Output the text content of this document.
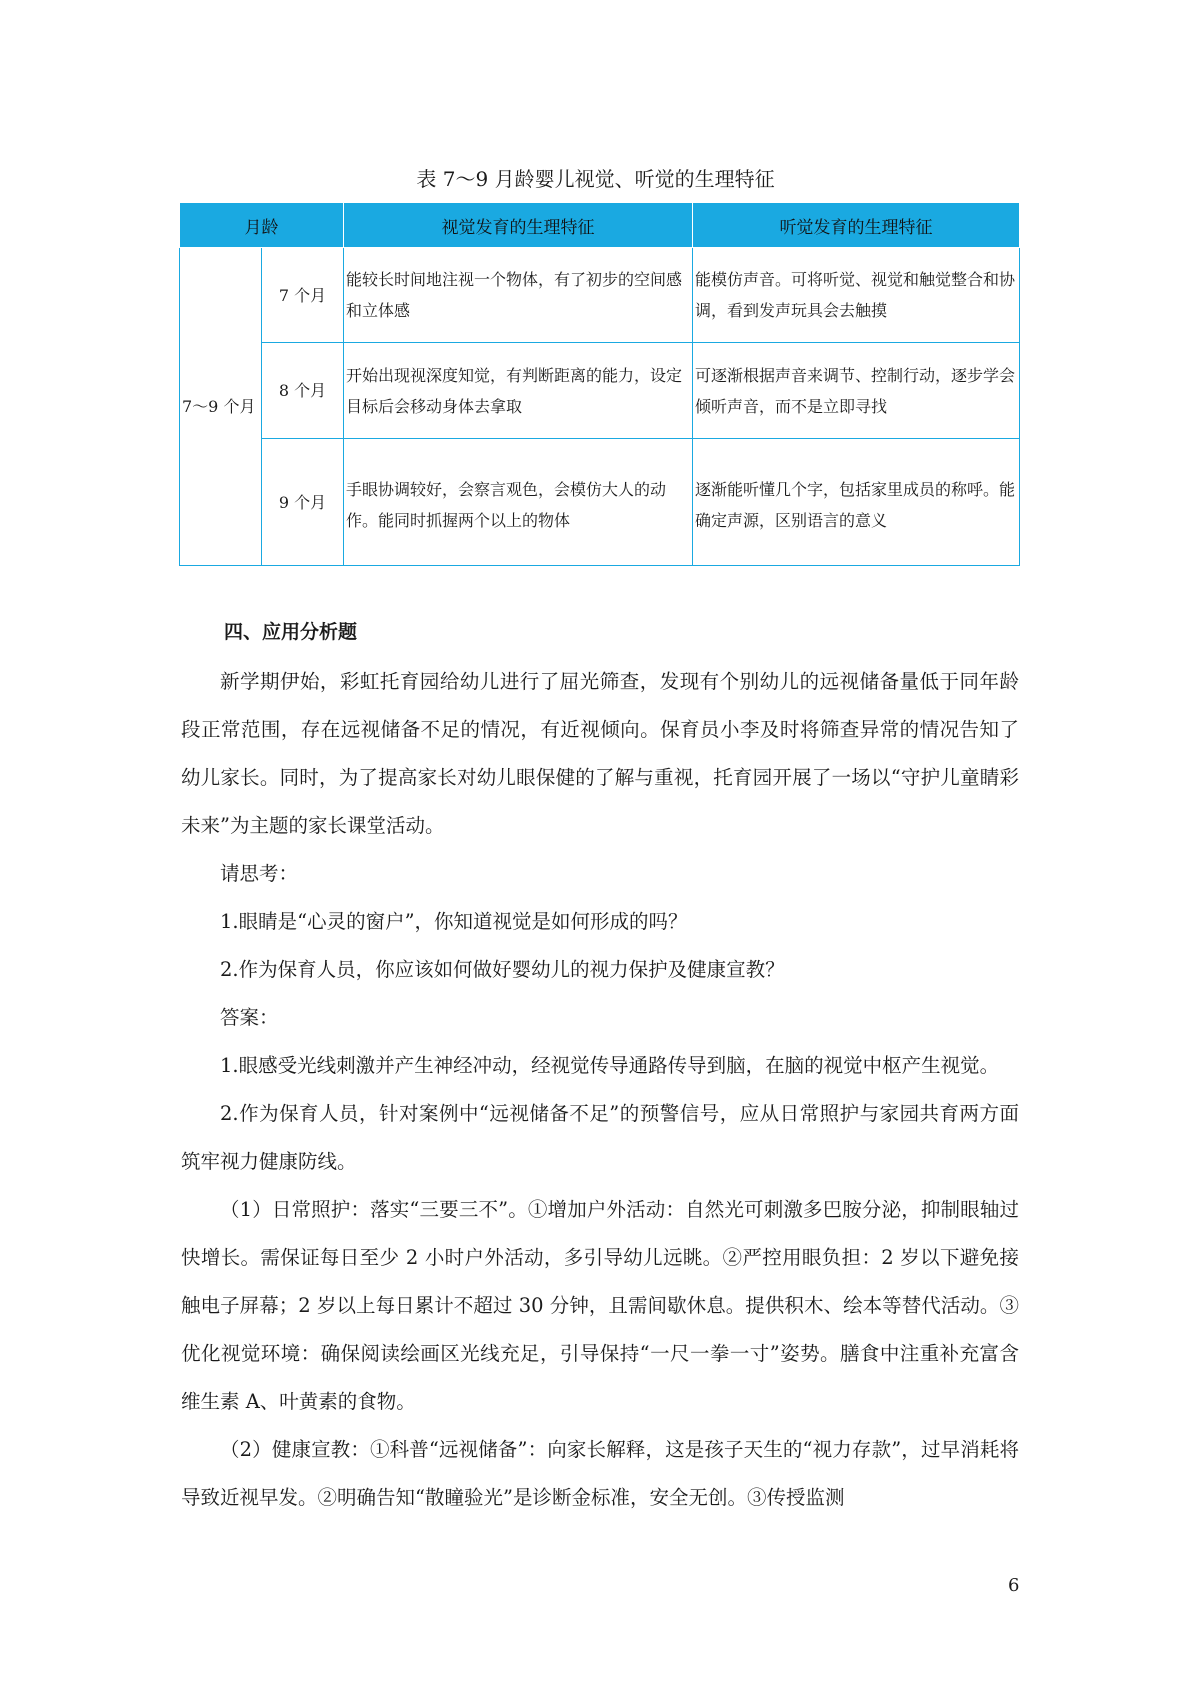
表 7～9 月龄婴儿视觉、听觉的生理特征
月龄		视觉发育的生理特征	听觉发育的生理特征
7～9 个月	7 个月	能较长时间地注视一个物体，有了初步的空间感和立体感	能模仿声音。可将听觉、视觉和触觉整合和协调，看到发声玩具会去触摸
	8 个月	开始出现视深度知觉，有判断距离的能力，设定目标后会移动身体去拿取	可逐渐根据声音来调节、控制行动，逐步学会倾听声音，而不是立即寻找
	9 个月	手眼协调较好，会察言观色，会模仿大人的动作。能同时抓握两个以上的物体	逐渐能听懂几个字，包括家里成员的称呼。能确定声源，区别语言的意义
四、应用分析题

新学期伊始，彩虹托育园给幼儿进行了屈光筛查，发现有个别幼儿的远视储备量低于同年龄段正常范围，存在远视储备不足的情况，有近视倾向。保育员小李及时将筛查异常的情况告知了幼儿家长。同时，为了提高家长对幼儿眼保健的了解与重视，托育园开展了一场以“守护儿童睛彩未来”为主题的家长课堂活动。

请思考：

1.眼睛是“心灵的窗户”，你知道视觉是如何形成的吗？

2.作为保育人员，你应该如何做好婴幼儿的视力保护及健康宣教？

答案：

1.眼感受光线刺激并产生神经冲动，经视觉传导通路传导到脑，在脑的视觉中枢产生视觉。

2.作为保育人员，针对案例中“远视储备不足”的预警信号，应从日常照护与家园共育两方面筑牢视力健康防线。

（1）日常照护：落实“三要三不”。①增加户外活动：自然光可刺激多巴胺分泌，抑制眼轴过快增长。需保证每日至少 2 小时户外活动，多引导幼儿远眺。②严控用眼负担：2 岁以下避免接触电子屏幕；2 岁以上每日累计不超过 30 分钟，且需间歇休息。提供积木、绘本等替代活动。③优化视觉环境：确保阅读绘画区光线充足，引导保持“一尺一拳一寸”姿势。膳食中注重补充富含维生素 A、叶黄素的食物。

（2）健康宣教：①科普“远视储备”：向家长解释，这是孩子天生的“视力存款”，过早消耗将导致近视早发。②明确告知“散瞳验光”是诊断金标准，安全无创。③传授监测

6
